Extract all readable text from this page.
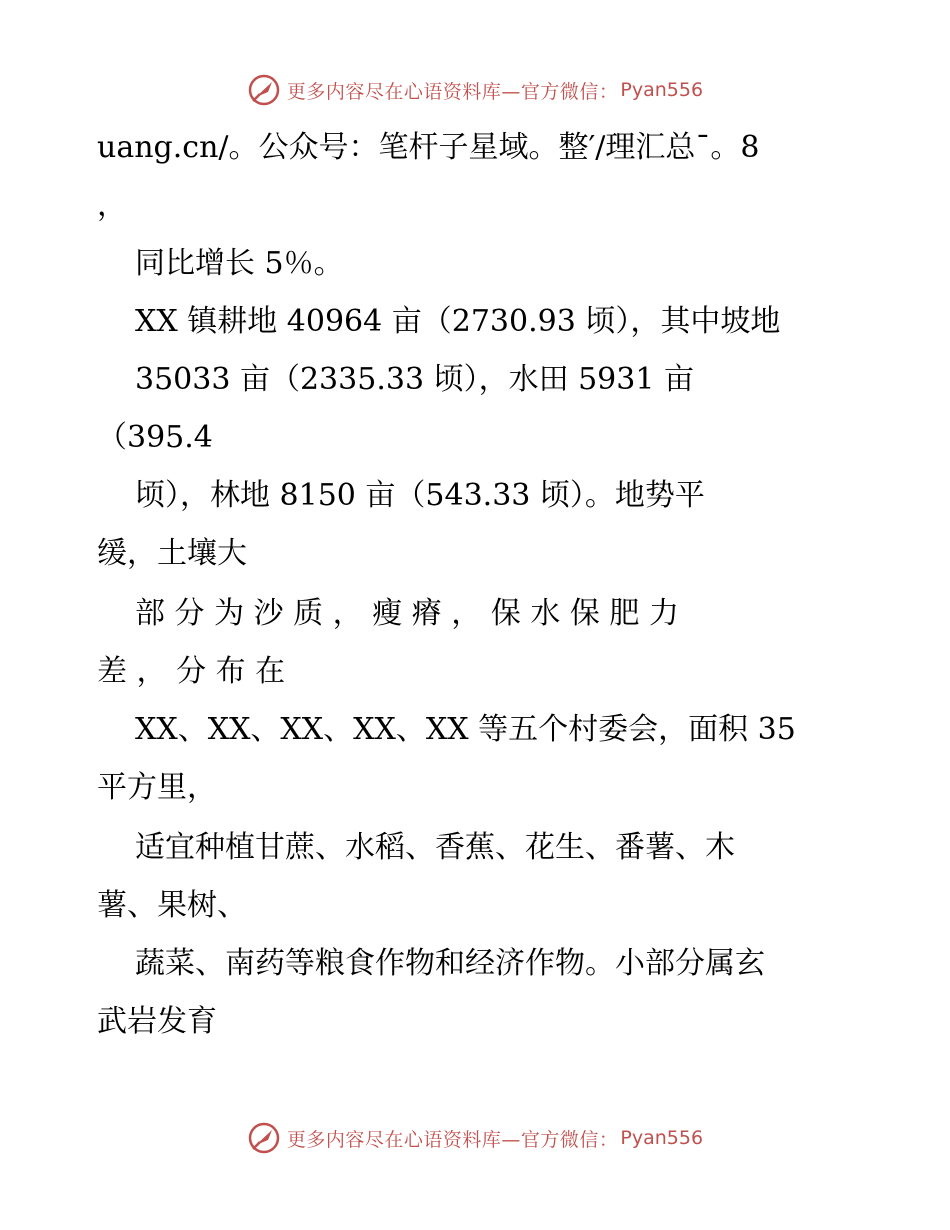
更多内容尽在心语资料库—官方微信： Pyan556
uang.cn/。公众号：笔杆子星域。整′/理汇总¯。8
，
同比增长 5％。
XX 镇耕地 40964 亩（2730.93 顷），其中坡地
35033 亩（2335.33 顷），水田 5931 亩
（395.4
顷），林地 8150 亩（543.33 顷）。地势平
缓，土壤大
部 分 为 沙 质 ， 瘦 瘠 ， 保 水 保 肥 力
差 ， 分 布 在
XX、XX、XX、XX、XX 等五个村委会，面积 35
平方里，
适宜种植甘蔗、水稻、香蕉、花生、番薯、木
薯、果树、
蔬菜、南药等粮食作物和经济作物。小部分属玄
武岩发育
更多内容尽在心语资料库—官方微信： Pyan556
